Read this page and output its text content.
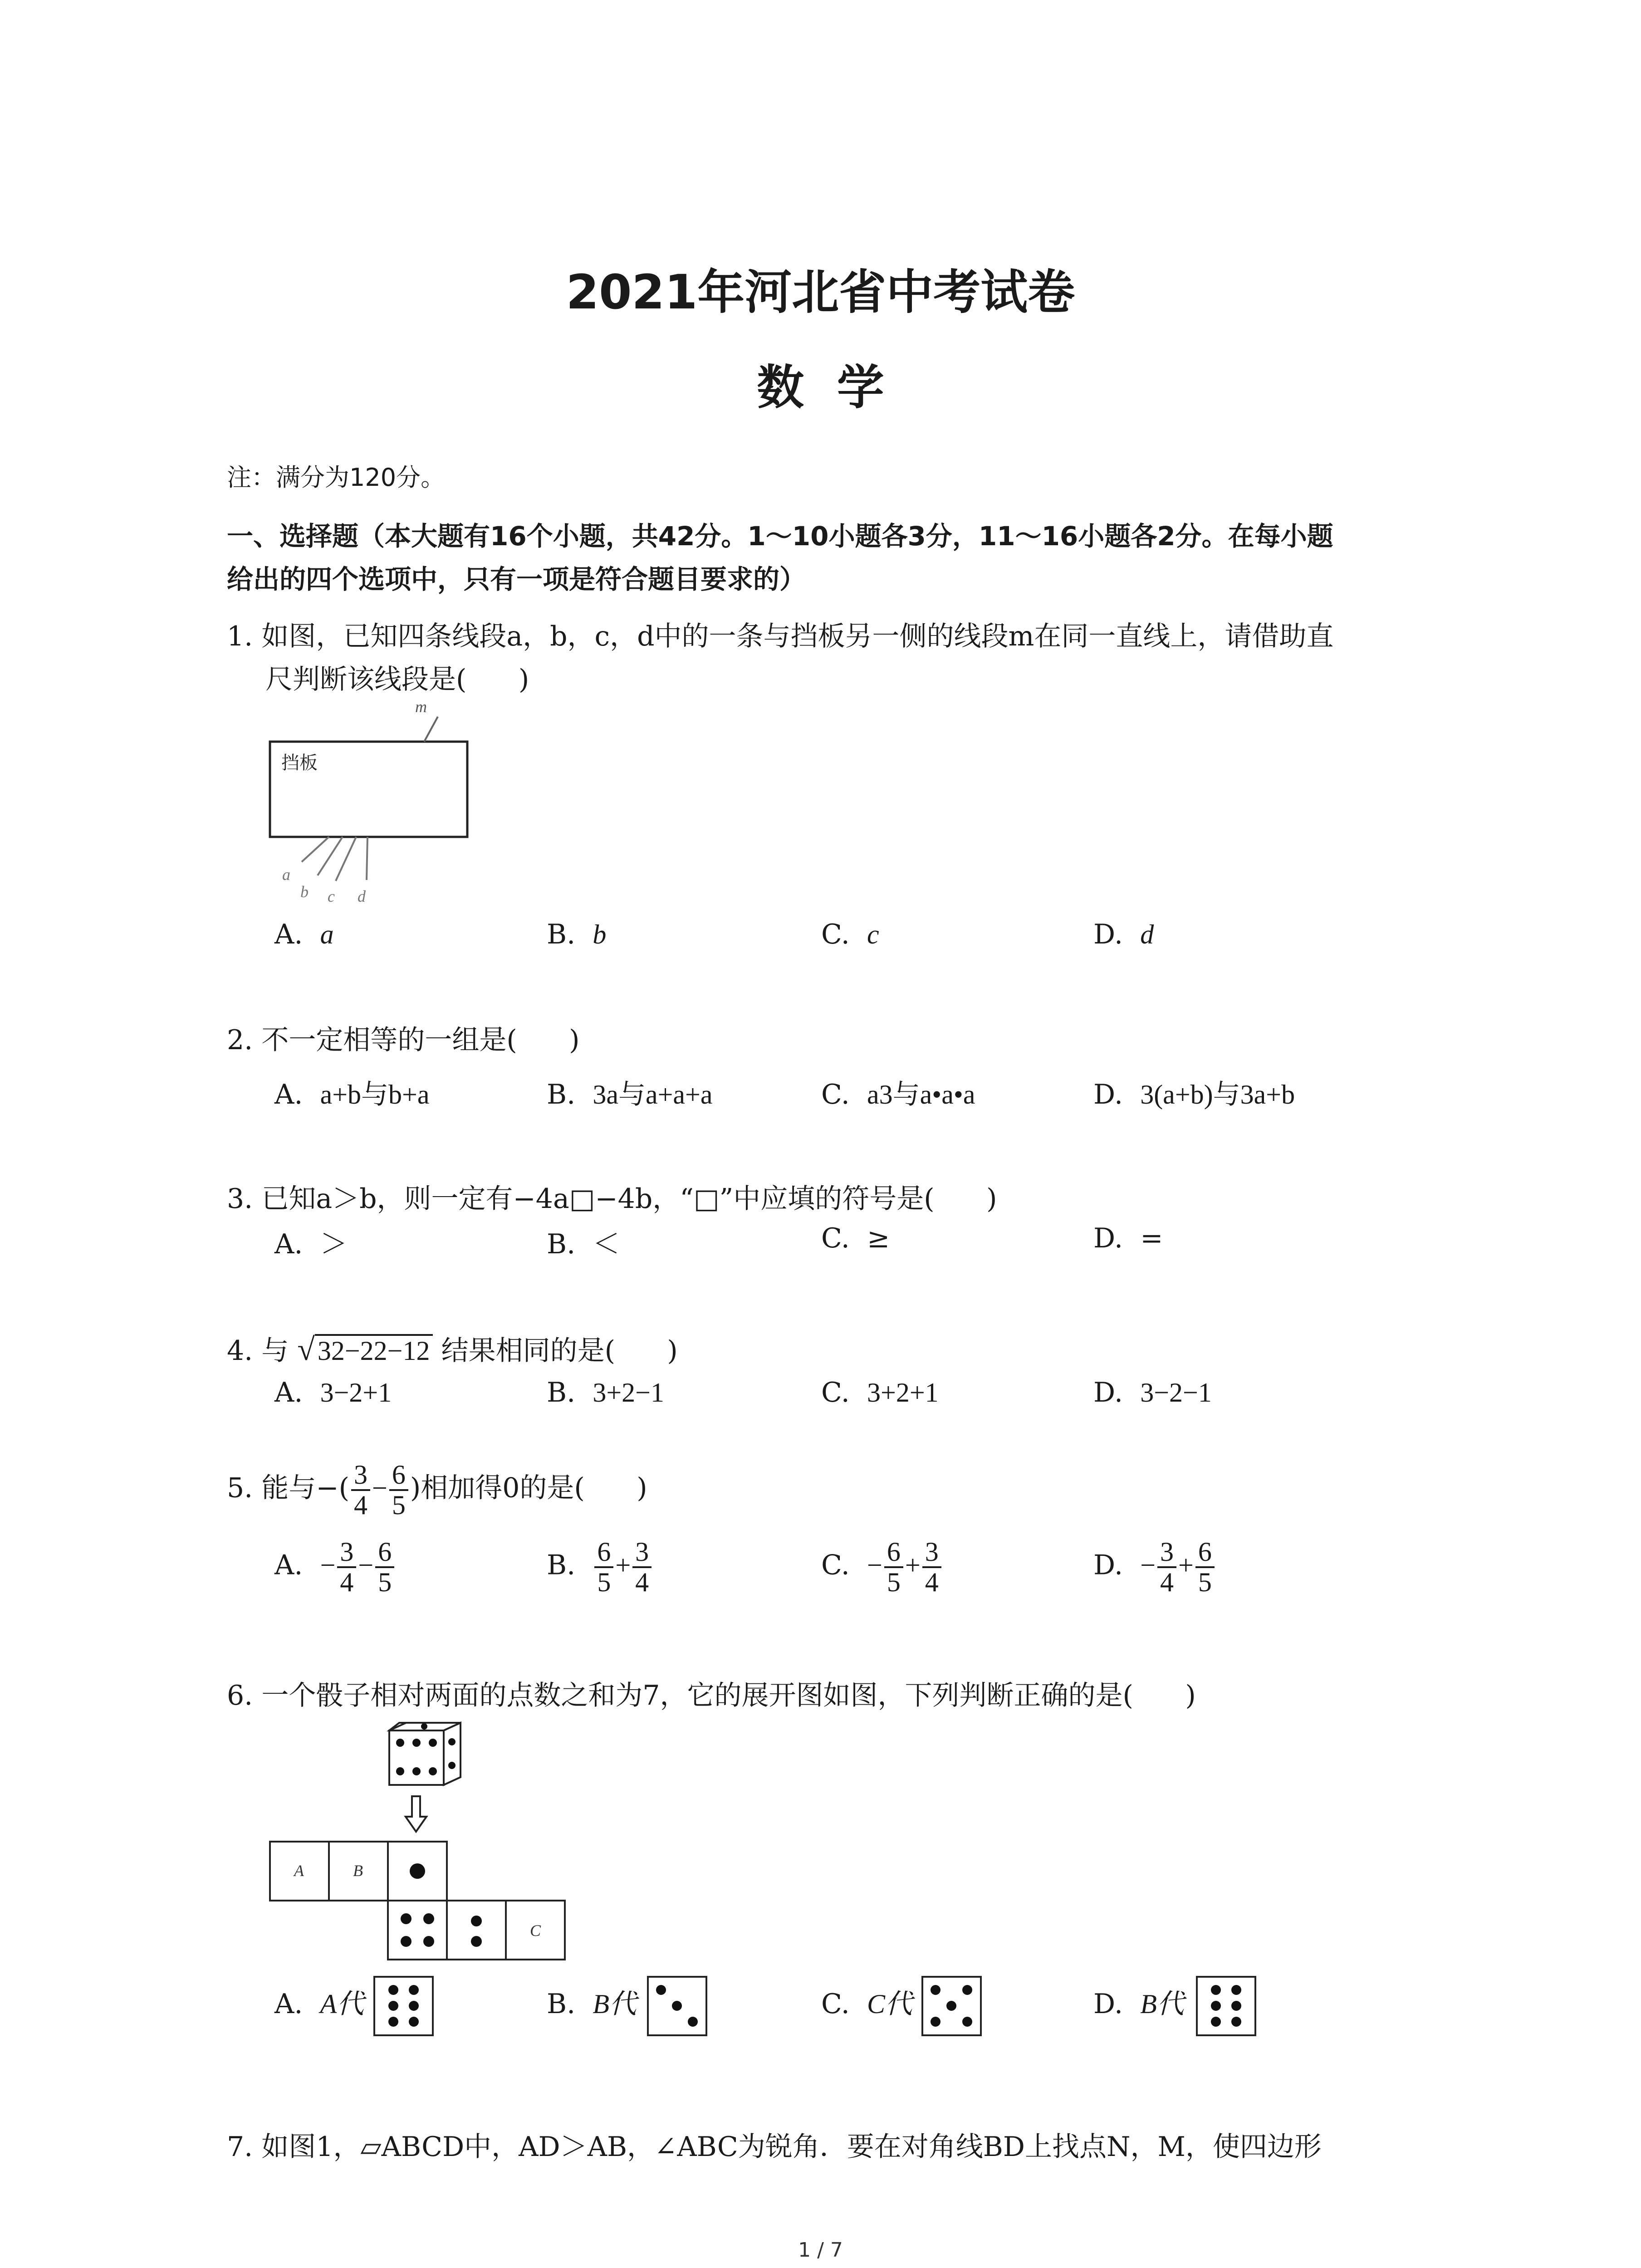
2021年河北省中考试卷
数  学
注：满分为120分。
一、选择题（本大题有16个小题，共42分。1～10小题各3分，11～16小题各2分。在每小题
给出的四个选项中，只有一项是符合题目要求的）
1. 如图，已知四条线段a，b，c，d中的一条与挡板另一侧的线段m在同一直线上，请借助直
尺判断该线段是(      )
挡板
m
a
b c d
A. a	B. b	C. c	D. d
2. 不一定相等的一组是(      )
A. a+b与b+a	B. 3a与a+a+a	C. a3与a•a•a	D. 3(a+b)与3a+b
3. 已知a＞b，则一定有−4a□−4b，“□”中应填的符号是(      )
A. ＞	B. ＜	C. ≥	D. =
4. 与 √ 32−22−12 结果相同的是(      )
A. 3−2+1	B. 3+2−1	C. 3+2+1	D. 3−2−1
5. 能与−( $\frac{3}{4} - \frac{6}{5}$ )相加得0的是(      )
A. − $\frac{3}{4} - \frac{6}{5}$	B. $\frac{6}{5} + \frac{3}{4}$	C. − $\frac{6}{5} + \frac{3}{4}$	D. − $\frac{3}{4} + \frac{6}{5}$
6. 一个骰子相对两面的点数之和为7，它的展开图如图，下列判断正确的是(      )
A	B
C
A. A代	B. B代	C. C代	D. B代
7. 如图1，▱ABCD中，AD＞AB，∠ABC为锐角．要在对角线BD上找点N，M，使四边形
1 / 7
